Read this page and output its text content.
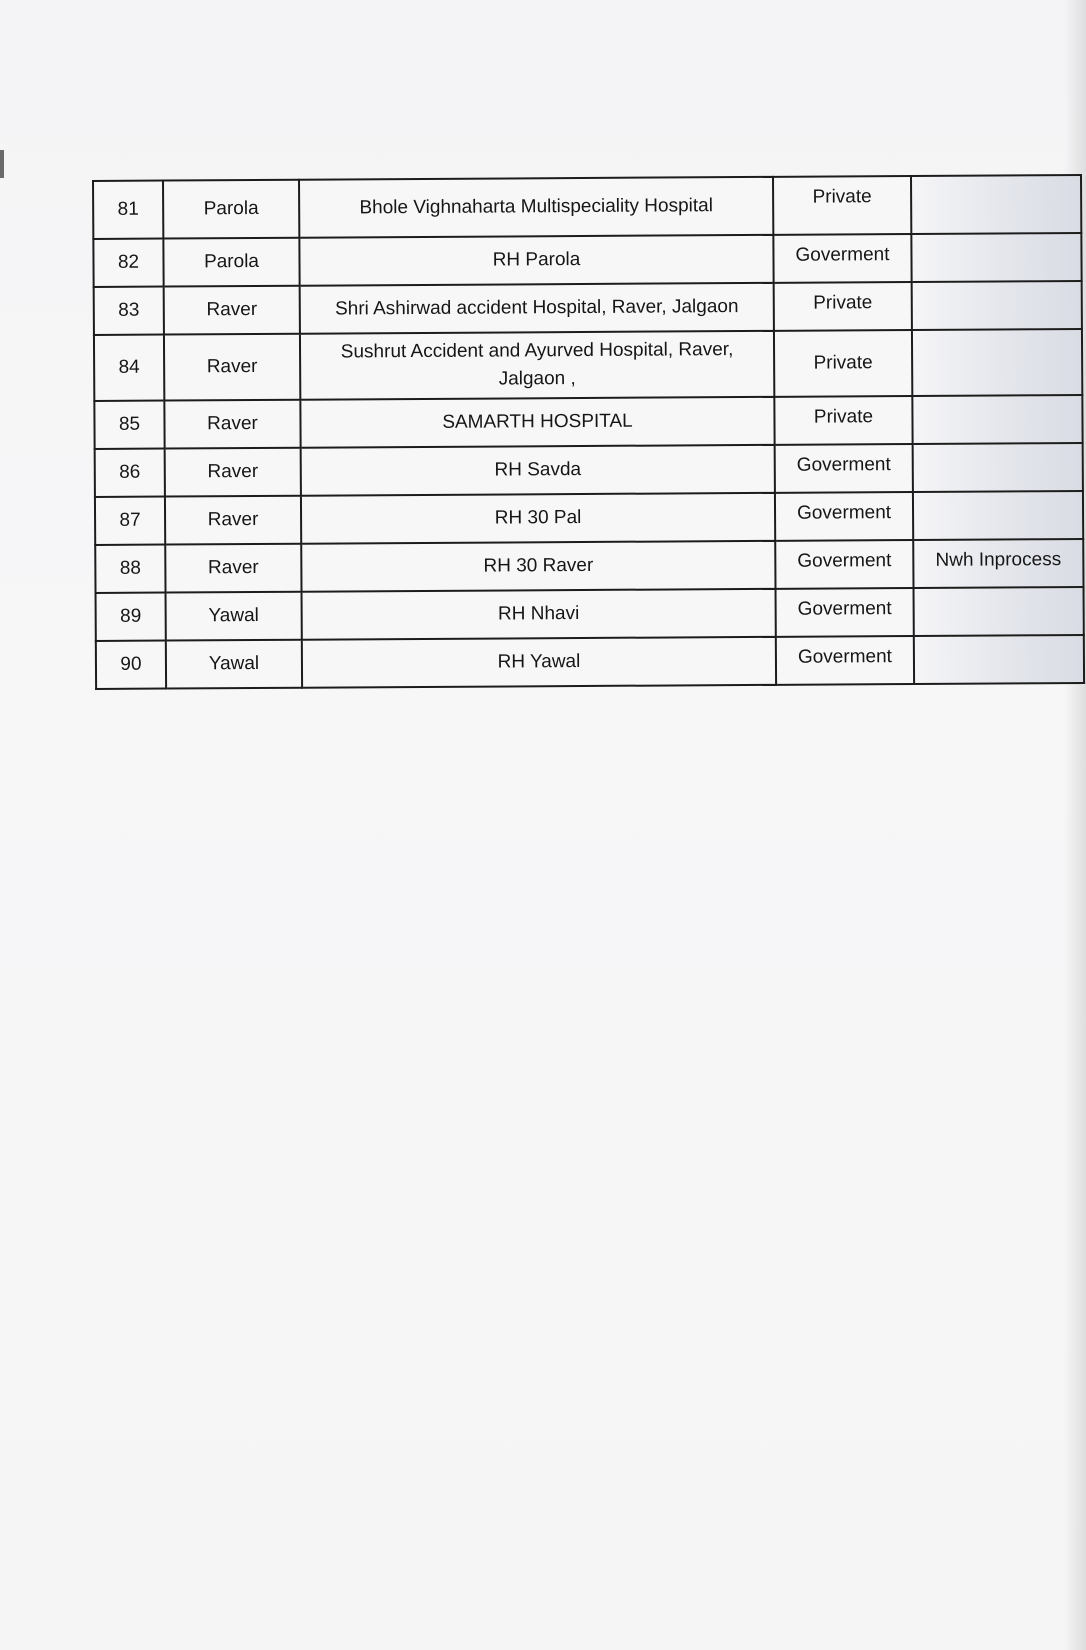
81	Parola	Bhole Vighnaharta Multispeciality Hospital	Private	
82	Parola	RH Parola	Goverment	
83	Raver	Shri Ashirwad accident Hospital, Raver, Jalgaon	Private	
84	Raver	Sushrut Accident and Ayurved Hospital, Raver, Jalgaon ,	Private	
85	Raver	SAMARTH HOSPITAL	Private	
86	Raver	RH Savda	Goverment	
87	Raver	RH 30 Pal	Goverment	
88	Raver	RH 30 Raver	Goverment	Nwh Inprocess
89	Yawal	RH Nhavi	Goverment	
90	Yawal	RH Yawal	Goverment	
